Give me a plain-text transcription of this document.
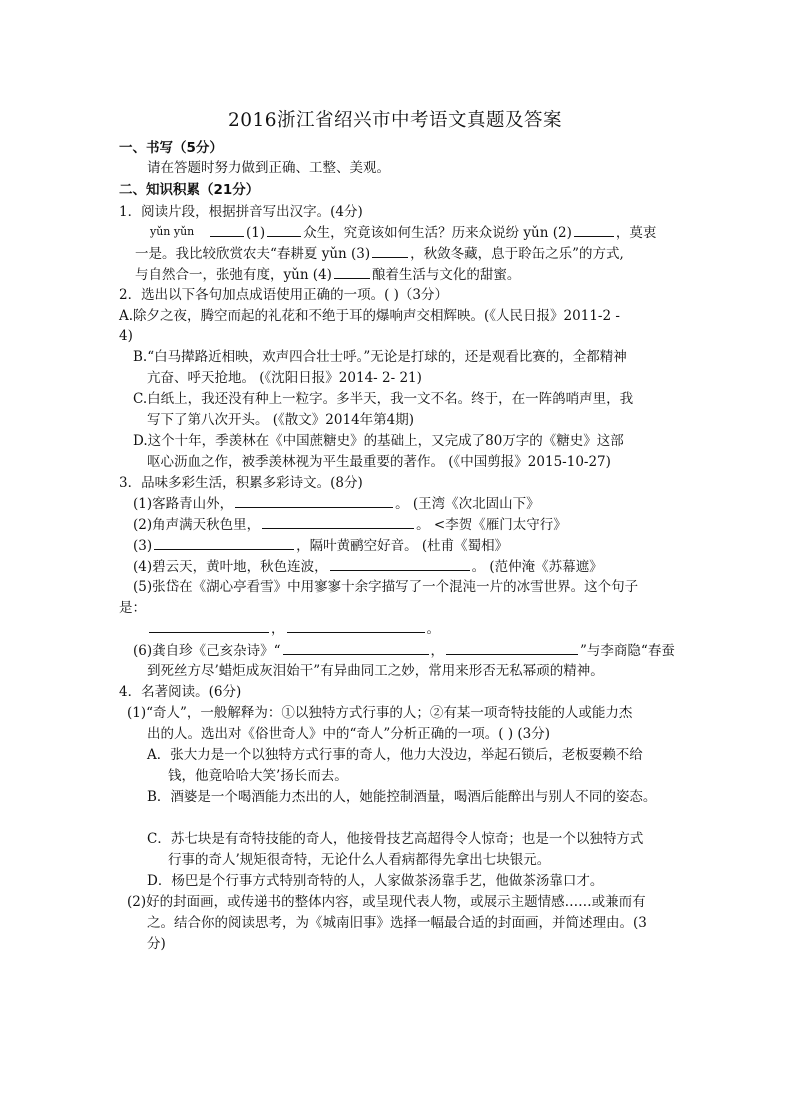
2016浙江省绍兴市中考语文真题及答案
一、书写（5分）
请在答题时努力做到正确、工整、美观。
二、知识积累（21分）
1．阅读片段，根据拼音写出汉字。(4分)
yǔn yǔn	(1)	众生，究竟该如何生活？历来众说纷 yǔn (2)	，莫衷
一是。我比较欣赏农夫“春耕夏 yǔn (3)	，秋敛冬藏，息于聆缶之乐”的方式,
与自然合一，张弛有度，yǔn (4)	酿着生活与文化的甜蜜。
2．选出以下各句加点成语使用正确的一项。( )（3分）
A.除夕之夜，腾空而起的礼花和不绝于耳的爆响声交相辉映。(《人民日报》2011-2 -
4)
B.“白马撵路近相映，欢声四合壮士呼。”无论是打球的，还是观看比赛的，全都精神
亢奋、呼天抢地。 (《沈阳日报》2014- 2- 21)
C.白纸上，我还没有种上一粒字。多半天，我一文不名。终于，在一阵鸽哨声里，我
写下了第八次开头。 (《散文》2014年第4期)
D.这个十年，季羡林在《中国蔗糖史》的基础上，又完成了80万字的《糖史》这部
呕心沥血之作，被季羡林视为平生最重要的著作。 (《中国剪报》2015-10-27)
3．品味多彩生活，积累多彩诗文。(8分)
(1)客路青山外，	。 (王湾《次北固山下》
(2)角声满天秋色里，	。 <李贺《雁门太守行》
(3)	，隔叶黄鹂空好音。 (杜甫《蜀相》
(4)碧云天，黄叶地，秋色连波，	。 (范仲淹《苏幕遮》
(5)张岱在《湖心亭看雪》中用寥寥十余字描写了一个混沌一片的冰雪世界。这个句子
是：
，	。
(6)龚自珍《己亥杂诗》“	，	”与李商隐“春蚕
到死丝方尽’蜡炬成灰泪始干”有异曲同工之妙，常用来形否无私幂顽的精神。
4．名著阅读。(6分)
(1)“奇人”，一般解释为：①以独特方式行事的人；②有某一项奇特技能的人或能力杰
出的人。选出对《俗世奇人》中的“奇人”分析正确的一项。( ) (3分)
A．张大力是一个以独特方式行事的奇人，他力大没边，举起石锁后，老板耍赖不给
钱，他竟哈哈大笑’扬长而去。
B．酒婆是一个喝酒能力杰出的人，她能控制酒量，喝酒后能醉出与别人不同的姿态。
C．苏七块是有奇特技能的奇人，他接骨技艺高超得令人惊奇；也是一个以独特方式
行事的奇人’规矩很奇特，无论什么人看病都得先拿出七块银元。
D．杨巴是个行事方式特别奇特的人，人家做茶汤靠手艺，他做茶汤靠口才。
(2)好的封面画，或传递书的整体内容，或呈现代表人物，或展示主题情感……或兼而有
之。结合你的阅读思考，为《城南旧事》选择一幅最合适的封面画，并简述理由。(3
分)
